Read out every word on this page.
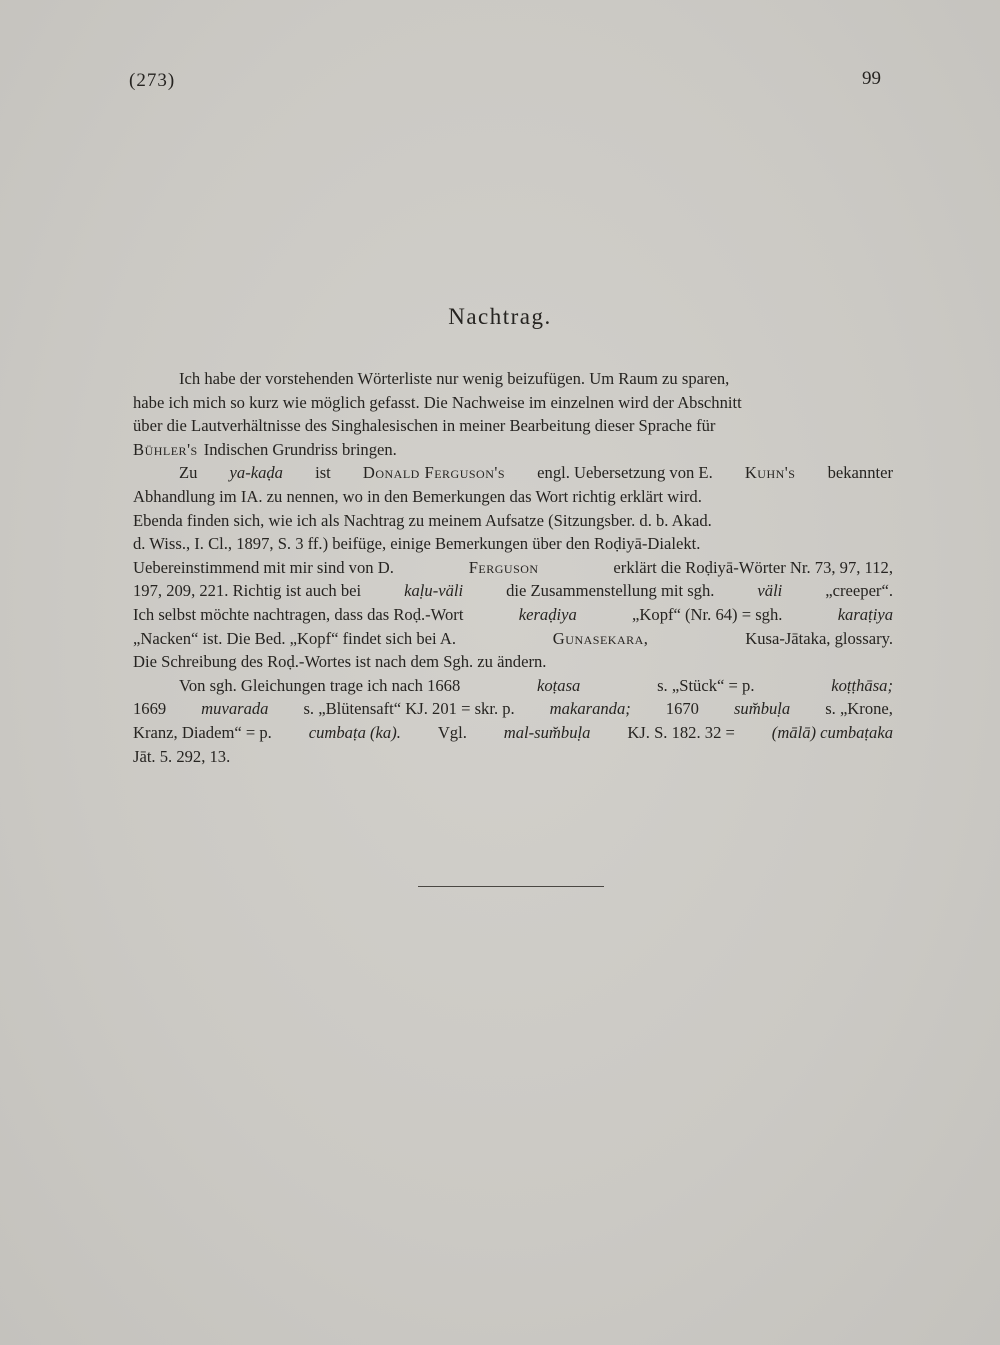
(273)	99
Nachtrag.
Ich habe der vorstehenden Wörterliste nur wenig beizufügen. Um Raum zu sparen,
habe ich mich so kurz wie möglich gefasst. Die Nachweise im einzelnen wird der Abschnitt
über die Lautverhältnisse des Singhalesischen in meiner Bearbeitung dieser Sprache für
Bühler's Indischen Grundriss bringen.
Zu ya-kaḍa ist Donald Ferguson's engl. Uebersetzung von E. Kuhn's bekannter
Abhandlung im IA. zu nennen, wo in den Bemerkungen das Wort richtig erklärt wird.
Ebenda finden sich, wie ich als Nachtrag zu meinem Aufsatze (Sitzungsber. d. b. Akad.
d. Wiss., I. Cl., 1897, S. 3 ff.) beifüge, einige Bemerkungen über den Roḍiyā-Dialekt.
Uebereinstimmend mit mir sind von D.	Ferguson	erklärt die Roḍiyā-Wörter Nr. 73, 97, 112,
197, 209, 221. Richtig ist auch bei	kaḷu-väli	die Zusammenstellung mit sgh.	väli	„creeper“.
Ich selbst möchte nachtragen, dass das Roḍ.-Wort	keraḍiya	„Kopf“ (Nr. 64) = sgh.	karaṭiya
„Nacken“ ist. Die Bed. „Kopf“ findet sich bei A.	Gunasekara,	Kusa-Jātaka, glossary.
Die Schreibung des Roḍ.-Wortes ist nach dem Sgh. zu ändern.
Von sgh. Gleichungen trage ich nach 1668	koṭasa	s. „Stück“ = p.	koṭṭhāsa;
1669 muvarada s. „Blütensaft“ KJ. 201 = skr. p. makaranda; 1670 sum̆buḷa s. „Krone,
Kranz, Diadem“ = p. cumbaṭa (ka). Vgl. mal-sum̆buḷa KJ. S. 182. 32 = (mālā) cumbaṭaka
Jāt. 5. 292, 13.
